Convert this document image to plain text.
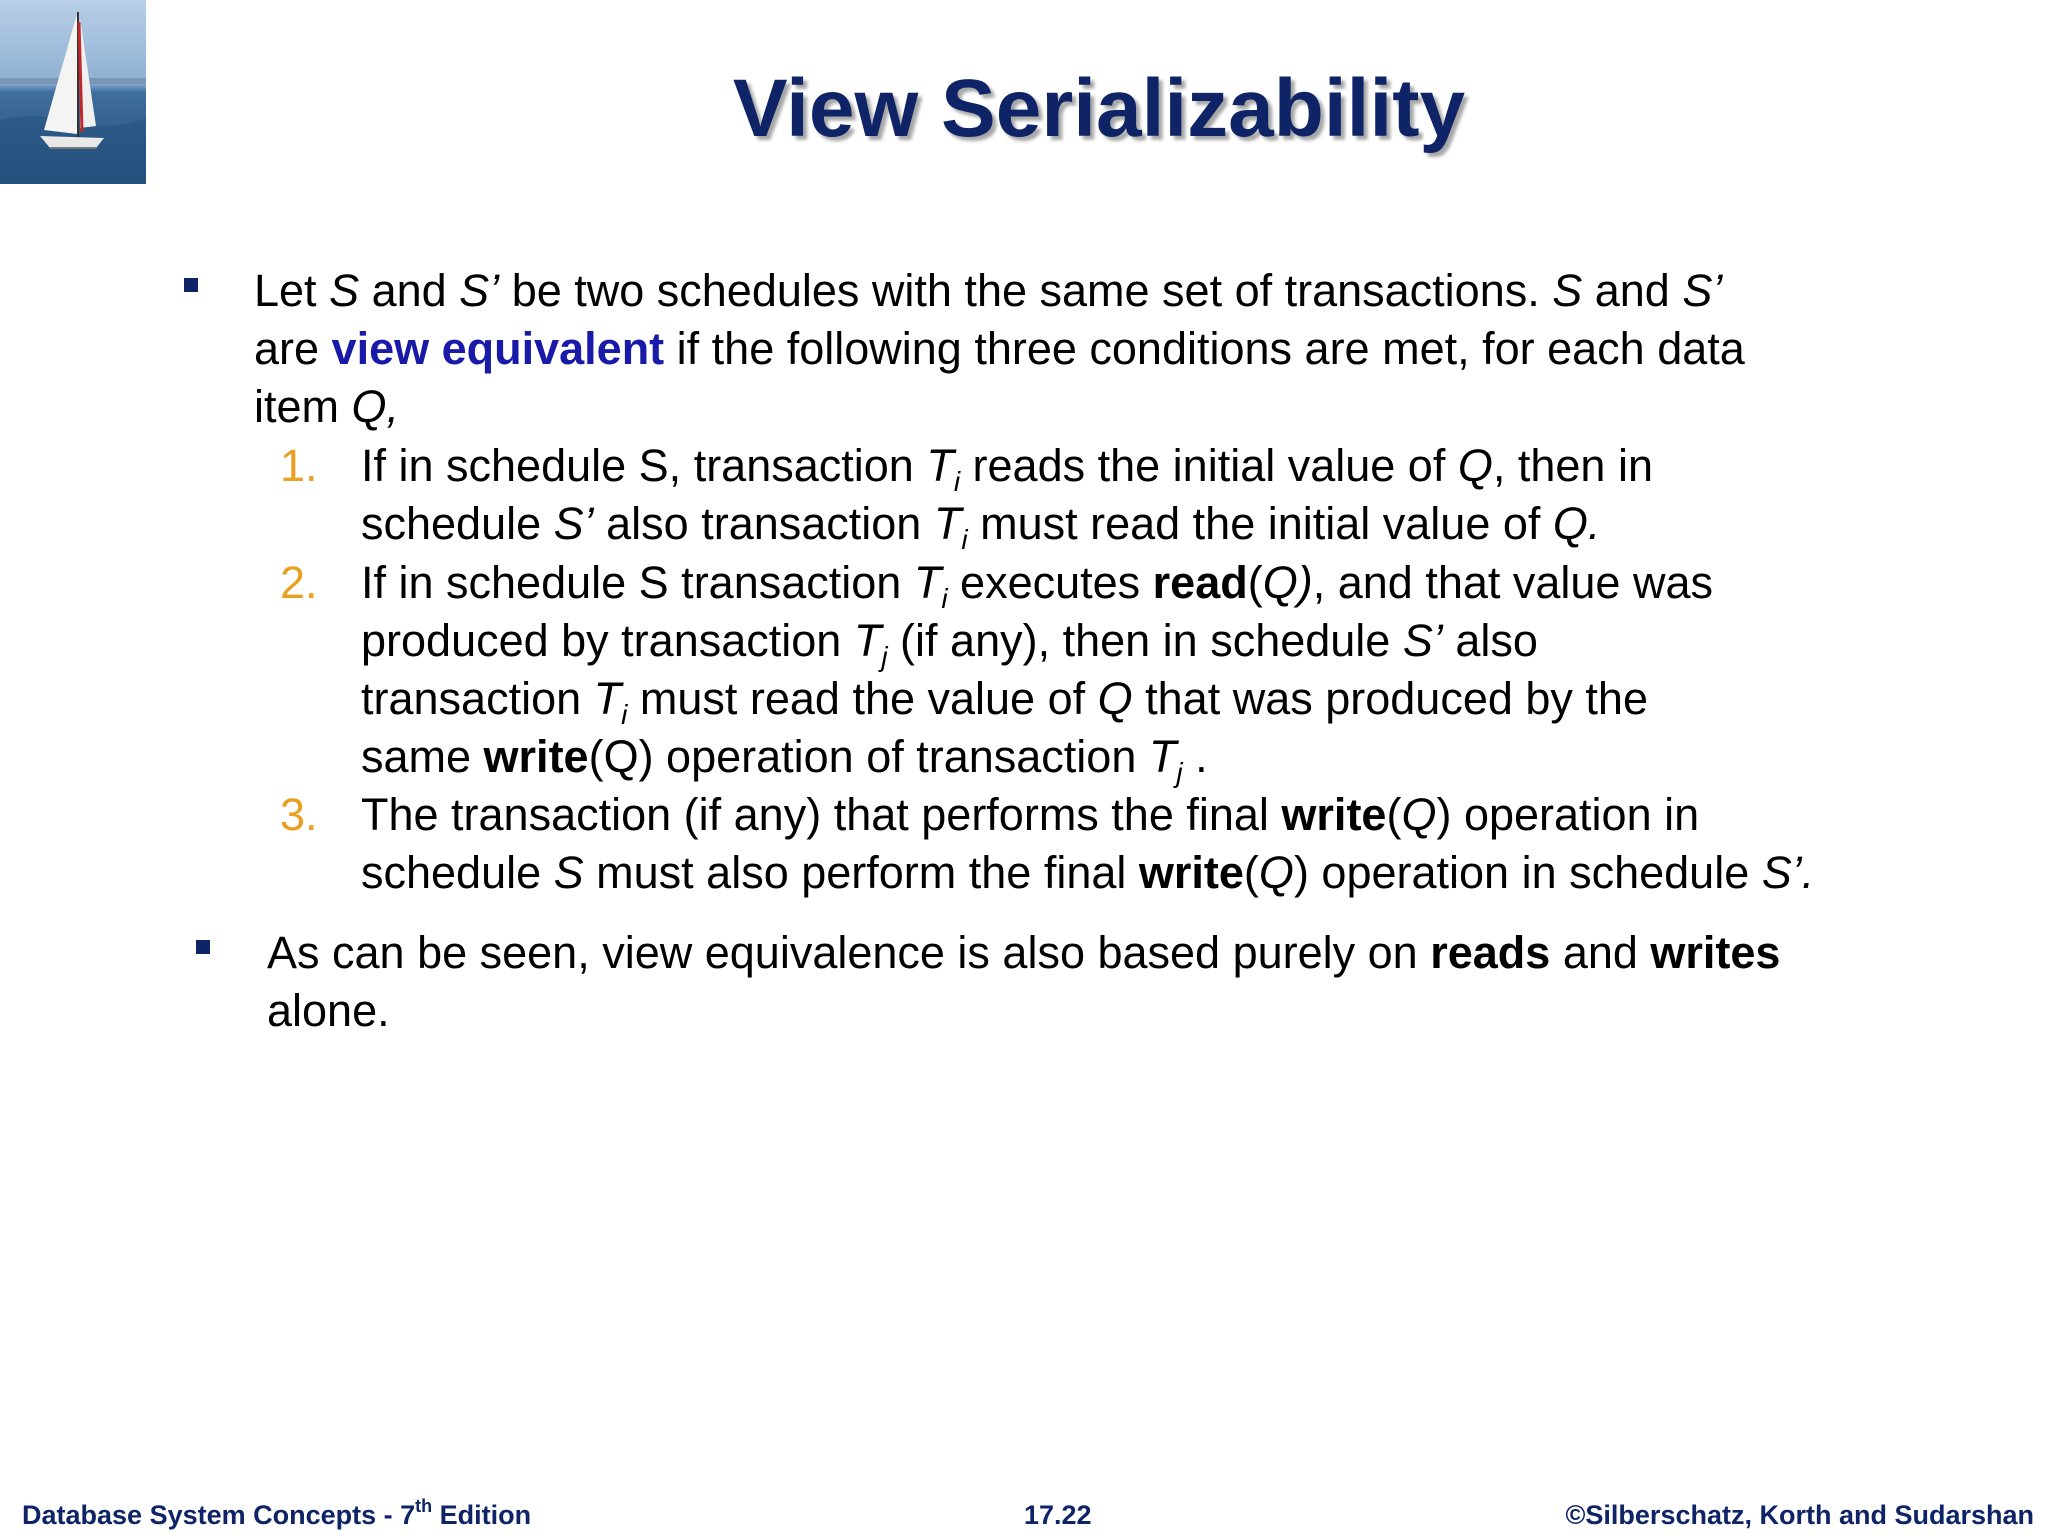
View Serializability

Let S and S’ be two schedules with the same set of transactions. S and S’

are view equivalent if the following three conditions are met, for each data

item Q,

1. If in schedule S, transaction $T_i$ reads the initial value of Q, then in

schedule S’ also transaction $T_i$ must read the initial value of Q.

2. If in schedule S transaction $T_i$ executes read(Q), and that value was

produced by transaction $T_j$ (if any), then in schedule S’ also

transaction $T_i$ must read the value of Q that was produced by the

same write(Q) operation of transaction $T_j$ .

3. The transaction (if any) that performs the final write(Q) operation in

schedule S must also perform the final write(Q) operation in schedule S’.

As can be seen, view equivalence is also based purely on reads and writes

alone.

Database System Concepts - 7th Edition	17.22	©Silberschatz, Korth and Sudarshan
